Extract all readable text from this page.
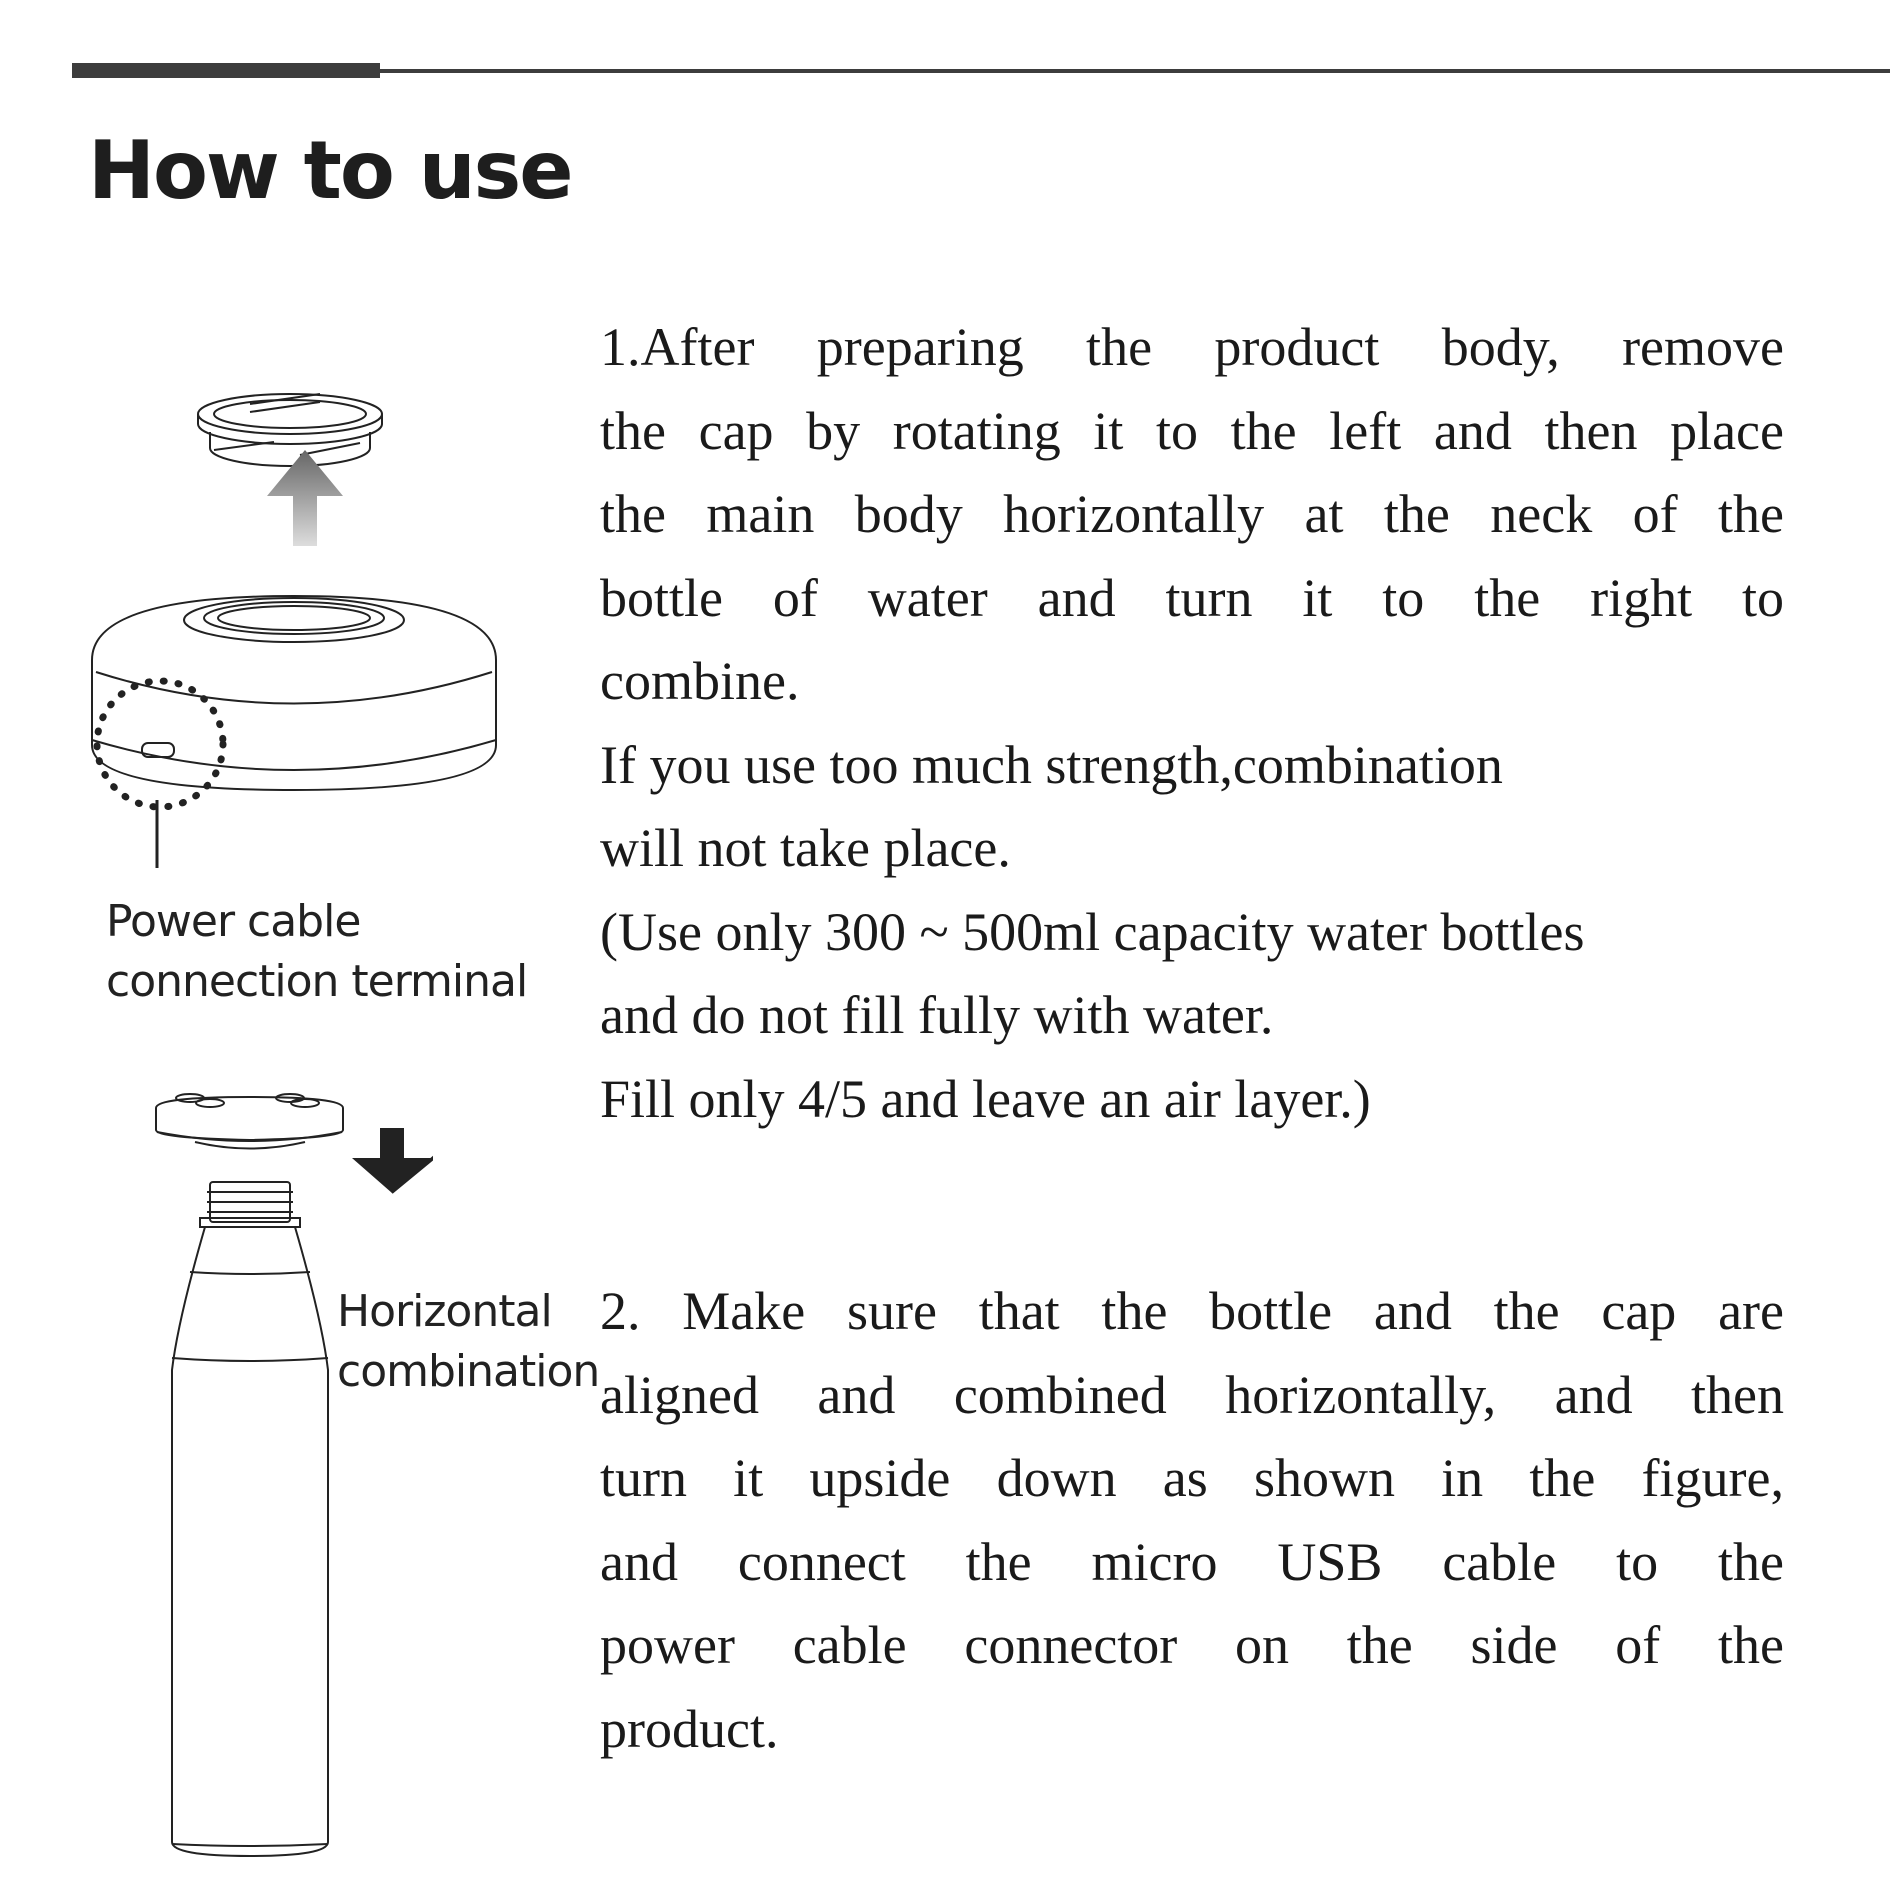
How to use
Power cable
connection terminal
Horizontal
combination
1.After preparing the product body, remove
the cap by rotating it to the left and then place
the main body horizontally at the neck of the
bottle of water and turn it to the right to
combine.
If you use too much strength,combination
will not take place.
(Use only 300 ~ 500ml capacity water bottles
and do not fill fully with water.
Fill only 4/5 and leave an air layer.)
2. Make sure that the bottle and the cap are
aligned and combined horizontally, and then
turn it upside down as shown in the figure,
and connect the micro USB cable to the
power cable connector on the side of the
product.
